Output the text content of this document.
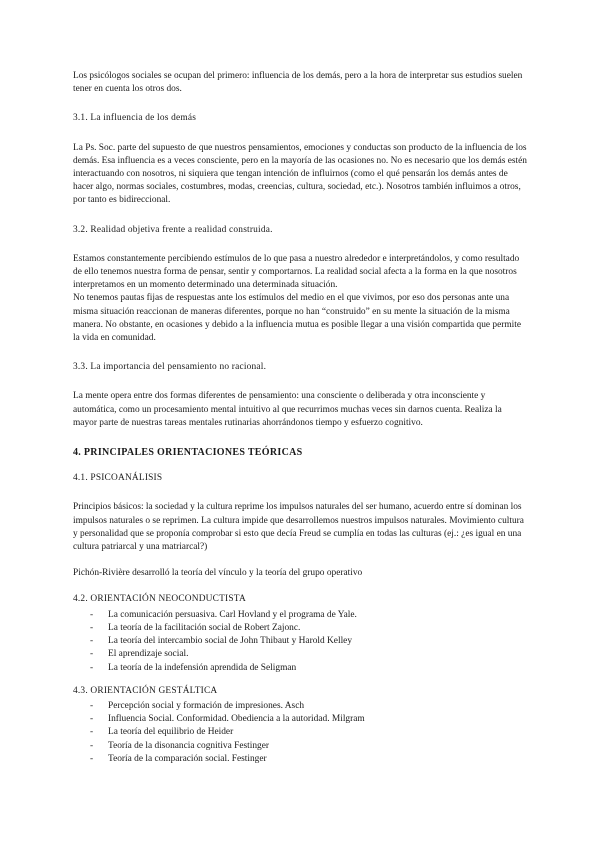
Los psicólogos sociales se ocupan del primero: influencia de los demás, pero a la hora de interpretar sus estudios suelen tener en cuenta los otros dos.

3.1. La influencia de los demás

La Ps. Soc. parte del supuesto de que nuestros pensamientos, emociones y conductas son producto de la influencia de los demás. Esa influencia es a veces consciente, pero en la mayoría de las ocasiones no. No es necesario que los demás estén interactuando con nosotros, ni siquiera que tengan intención de influirnos (como el qué pensarán los demás antes de hacer algo, normas sociales, costumbres, modas, creencias, cultura, sociedad, etc.). Nosotros también influimos a otros, por tanto es bidireccional.

3.2. Realidad objetiva frente a realidad construida.

Estamos constantemente percibiendo estímulos de lo que pasa a nuestro alrededor e interpretándolos, y como resultado de ello tenemos nuestra forma de pensar, sentir y comportarnos. La realidad social afecta a la forma en la que nosotros interpretamos en un momento determinado una determinada situación.

No tenemos pautas fijas de respuestas ante los estímulos del medio en el que vivimos, por eso dos personas ante una misma situación reaccionan de maneras diferentes, porque no han “construido” en su mente la situación de la misma manera. No obstante, en ocasiones y debido a la influencia mutua es posible llegar a una visión compartida que permite la vida en comunidad.

3.3. La importancia del pensamiento no racional.

La mente opera entre dos formas diferentes de pensamiento: una consciente o deliberada y otra inconsciente y automática, como un procesamiento mental intuitivo al que recurrimos muchas veces sin darnos cuenta. Realiza la mayor parte de nuestras tareas mentales rutinarias ahorrándonos tiempo y esfuerzo cognitivo.

4. PRINCIPALES ORIENTACIONES TEÓRICAS

4.1. PSICOANÁLISIS

Principios básicos: la sociedad y la cultura reprime los impulsos naturales del ser humano, acuerdo entre sí dominan los impulsos naturales o se reprimen. La cultura impide que desarrollemos nuestros impulsos naturales. Movimiento cultura y personalidad que se proponía comprobar si esto que decía Freud se cumplía en todas las culturas (ej.: ¿es igual en una cultura patriarcal y una matriarcal?)

Pichón-Rivière desarrolló la teoría del vínculo y la teoría del grupo operativo

4.2. ORIENTACIÓN NEOCONDUCTISTA

- La comunicación persuasiva. Carl Hovland y el programa de Yale.
- La teoría de la facilitación social de Robert Zajonc.
- La teoría del intercambio social de John Thibaut y Harold Kelley
- El aprendizaje social.
- La teoría de la indefensión aprendida de Seligman

4.3. ORIENTACIÓN GESTÁLTICA

- Percepción social y formación de impresiones. Asch
- Influencia Social. Conformidad. Obediencia a la autoridad. Milgram
- La teoría del equilibrio de Heider
- Teoría de la disonancia cognitiva Festinger
- Teoría de la comparación social. Festinger
